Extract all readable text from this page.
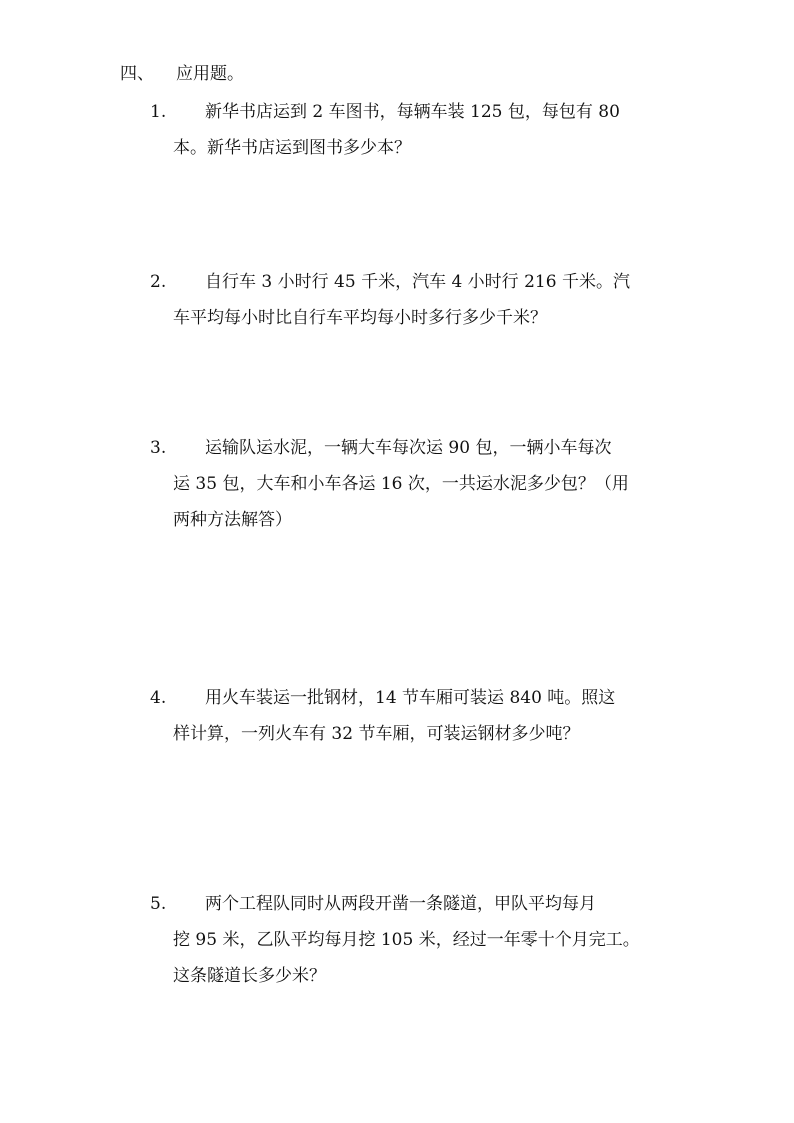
四、 应用题。
1.	新华书店运到 2 车图书，每辆车装 125 包，每包有 80
本。新华书店运到图书多少本？
2.	自行车 3 小时行 45 千米，汽车 4 小时行 216 千米。汽
车平均每小时比自行车平均每小时多行多少千米？
3.	运输队运水泥，一辆大车每次运 90 包，一辆小车每次
运 35 包，大车和小车各运 16 次，一共运水泥多少包？（用
两种方法解答）
4.	用火车装运一批钢材，14 节车厢可装运 840 吨。照这
样计算，一列火车有 32 节车厢，可装运钢材多少吨？
5.	两个工程队同时从两段开凿一条隧道，甲队平均每月
挖 95 米，乙队平均每月挖 105 米，经过一年零十个月完工。
这条隧道长多少米？
